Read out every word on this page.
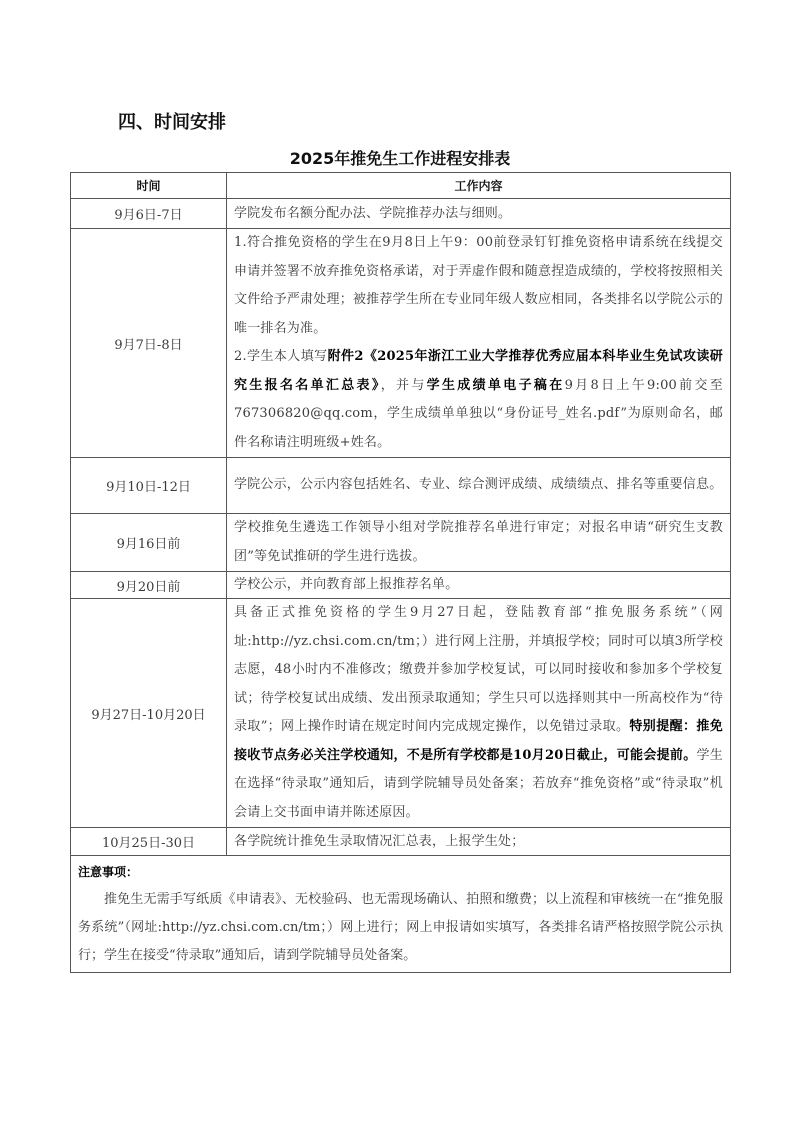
四、时间安排
2025年推免生工作进程安排表
时间	工作内容
9月6日-7日	学院发布名额分配办法、学院推荐办法与细则。
9月7日-8日	1.符合推免资格的学生在9月8日上午9：00前登录钉钉推免资格申请系统在线提交申请并签署不放弃推免资格承诺，对于弄虚作假和随意捏造成绩的，学校将按照相关文件给予严肃处理；被推荐学生所在专业同年级人数应相同，各类排名以学院公示的唯一排名为准。
2.学生本人填写附件2《2025年浙江工业大学推荐优秀应届本科毕业生免试攻读研究生报名名单汇总表》，并与学生成绩单电子稿在9月8日上午9:00前交至767306820@qq.com，学生成绩单单独以“身份证号_姓名.pdf”为原则命名，邮件名称请注明班级+姓名。
9月10日-12日	学院公示，公示内容包括姓名、专业、综合测评成绩、成绩绩点、排名等重要信息。
9月16日前	学校推免生遴选工作领导小组对学院推荐名单进行审定；对报名申请“研究生支教团”等免试推研的学生进行选拔。
9月20日前	学校公示，并向教育部上报推荐名单。
9月27日-10月20日	具备正式推免资格的学生9月27日起，登陆教育部“推免服务系统”（网址:http://yz.chsi.com.cn/tm；）进行网上注册，并填报学校；同时可以填3所学校志愿，48小时内不准修改；缴费并参加学校复试，可以同时接收和参加多个学校复试；待学校复试出成绩、发出预录取通知；学生只可以选择则其中一所高校作为“待录取”；网上操作时请在规定时间内完成规定操作，以免错过录取。特别提醒：推免接收节点务必关注学校通知，不是所有学校都是10月20日截止，可能会提前。学生在选择“待录取”通知后，请到学院辅导员处备案；若放弃“推免资格”或“待录取”机会请上交书面申请并陈述原因。
10月25日-30日	各学院统计推免生录取情况汇总表，上报学生处；

注意事项：
推免生无需手写纸质《申请表》、无校验码、也无需现场确认、拍照和缴费；以上流程和审核统一在“推免服务系统”（网址:http://yz.chsi.com.cn/tm；）网上进行；网上申报请如实填写，各类排名请严格按照学院公示执行；学生在接受“待录取”通知后，请到学院辅导员处备案。	
